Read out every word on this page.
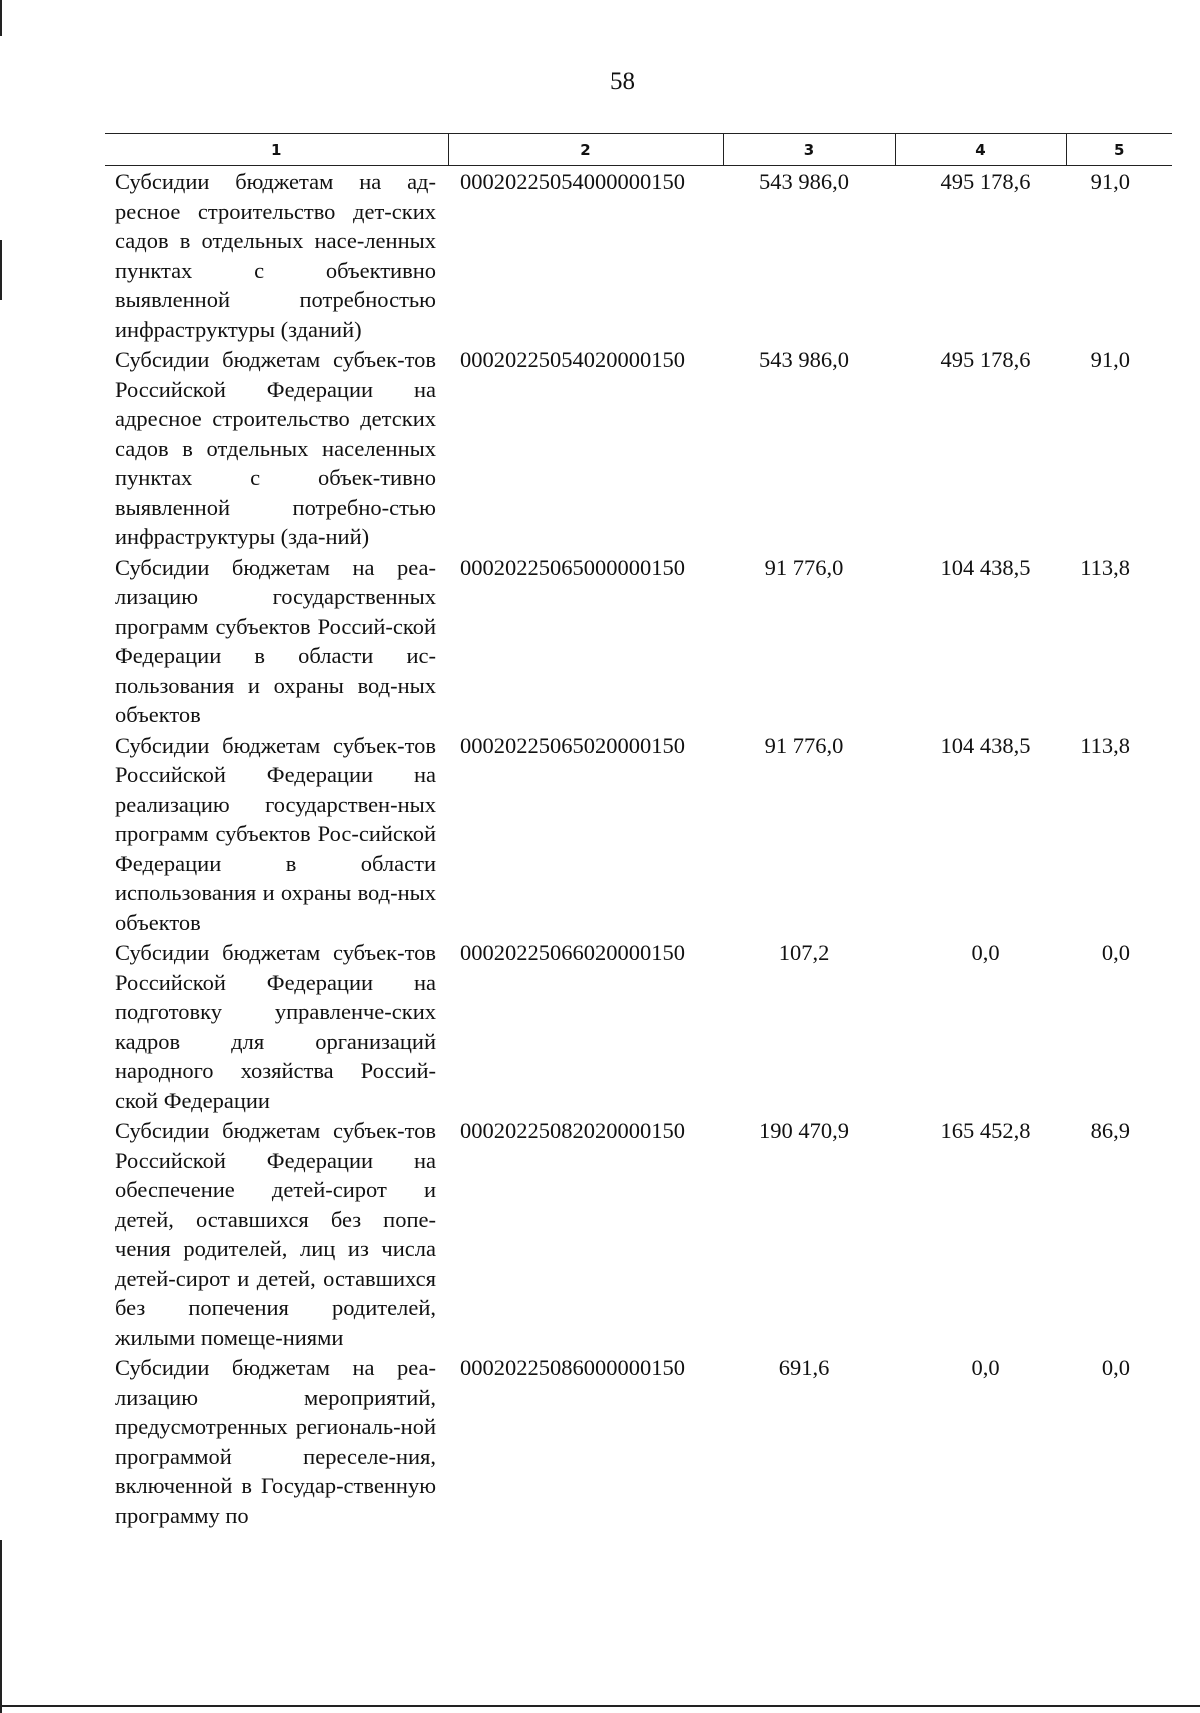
58
1	2	3	4	5
Субсидии бюджетам на ад-ресное строительство дет-ских садов в отдельных насе-ленных пунктах с объективно выявленной потребностью инфраструктуры (зданий)	00020225054000000150	543 986,0	495 178,6	91,0
Субсидии бюджетам субъек-тов Российской Федерации на адресное строительство детских садов в отдельных населенных пунктах с объек-тивно выявленной потребно-стью инфраструктуры (зда-ний)	00020225054020000150	543 986,0	495 178,6	91,0
Субсидии бюджетам на реа-лизацию государственных программ субъектов Россий-ской Федерации в области ис-пользования и охраны вод-ных объектов	00020225065000000150	91 776,0	104 438,5	113,8
Субсидии бюджетам субъек-тов Российской Федерации на реализацию государствен-ных программ субъектов Рос-сийской Федерации в области использования и охраны вод-ных объектов	00020225065020000150	91 776,0	104 438,5	113,8
Субсидии бюджетам субъек-тов Российской Федерации на подготовку управленче-ских кадров для организаций народного хозяйства Россий-ской Федерации	00020225066020000150	107,2	0,0	0,0
Субсидии бюджетам субъек-тов Российской Федерации на обеспечение детей-сирот и детей, оставшихся без попе-чения родителей, лиц из числа детей-сирот и детей, оставшихся без попечения родителей, жилыми помеще-ниями	00020225082020000150	190 470,9	165 452,8	86,9
Субсидии бюджетам на реа-лизацию мероприятий, предусмотренных региональ-ной программой переселе-ния, включенной в Государ-ственную программу по	00020225086000000150	691,6	0,0	0,0
